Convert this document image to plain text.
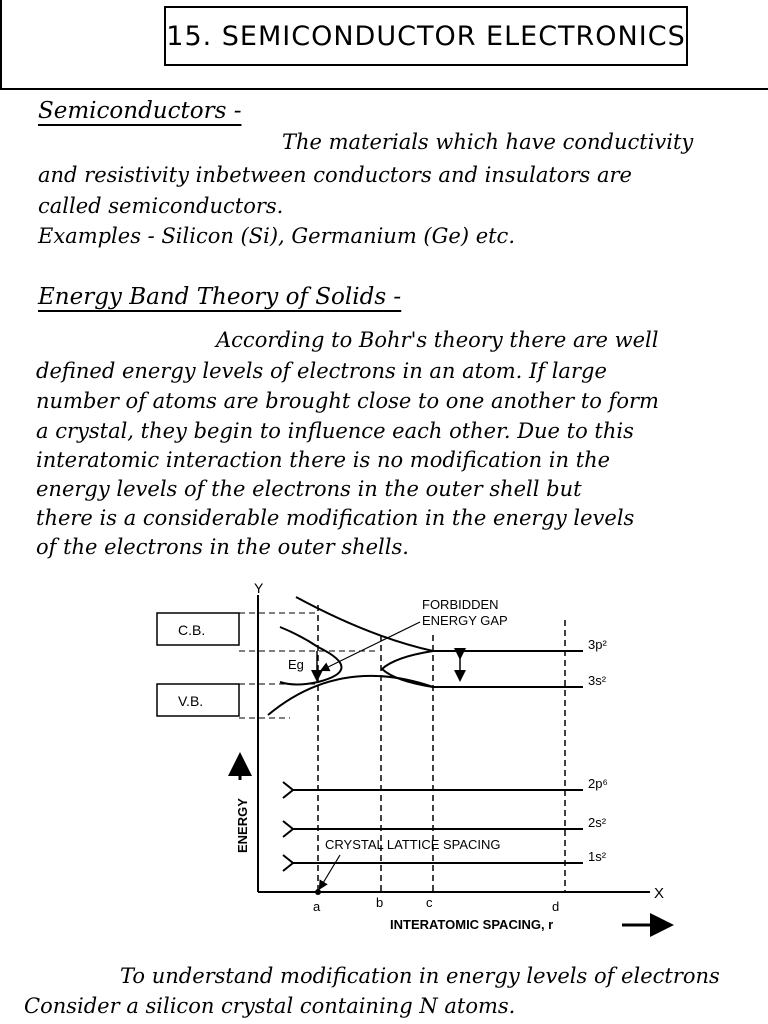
15. SEMICONDUCTOR ELECTRONICS
Semiconductors -
The materials which have conductivity
and resistivity inbetween conductors and insulators are
called semiconductors.
Examples - Silicon (Si), Germanium (Ge) etc.
Energy Band Theory of Solids -
According to Bohr's theory there are well
defined energy levels of electrons in an atom. If large
number of atoms are brought close to one another to form
a crystal, they begin to influence each other. Due to this
interatomic interaction there is no modification in the
energy levels of the electrons in the outer shell but
there is a considerable modification in the energy levels
of the electrons in the outer shells.
Y
X
ENERGY
C.B.
V.B.
FORBIDDEN
ENERGY GAP
Eg
3p²
3s²
2p⁶
2s²
1s²
CRYSTAL LATTICE SPACING
a	b	c	d
INTERATOMIC SPACING, r
To understand modification in energy levels of electrons
Consider a silicon crystal containing N atoms.
